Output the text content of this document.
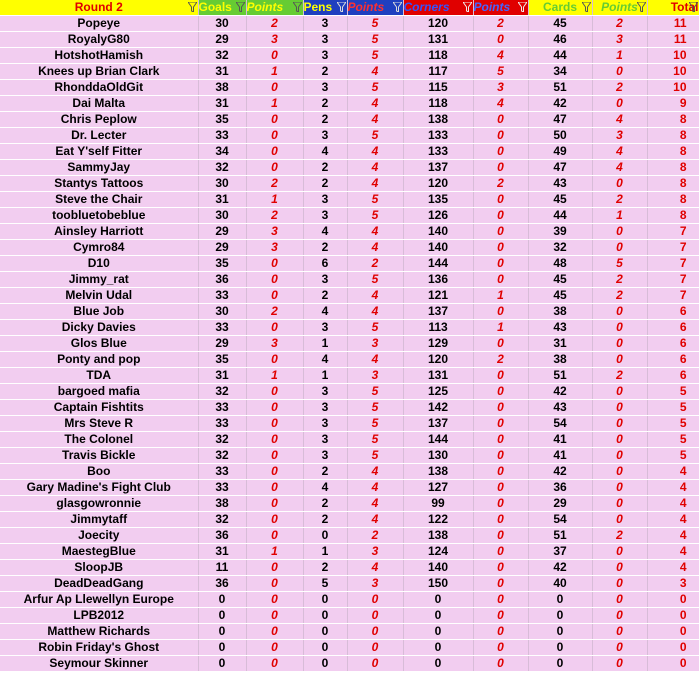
Round 2	Goals	Points	Pens	Points	Corners	Points	Cards	Points	Total

Popeye	30	2	3	5	120	2	45	2	11
RoyalyG80	29	3	3	5	131	0	46	3	11
HotshotHamish	32	0	3	5	118	4	44	1	10
Knees up Brian Clark	31	1	2	4	117	5	34	0	10
RhonddaOldGit	38	0	3	5	115	3	51	2	10
Dai Malta	31	1	2	4	118	4	42	0	9
Chris Peplow	35	0	2	4	138	0	47	4	8
Dr. Lecter	33	0	3	5	133	0	50	3	8
Eat Y'self Fitter	34	0	4	4	133	0	49	4	8
SammyJay	32	0	2	4	137	0	47	4	8
Stantys Tattoos	30	2	2	4	120	2	43	0	8
Steve the Chair	31	1	3	5	135	0	45	2	8
toobluetobeblue	30	2	3	5	126	0	44	1	8
Ainsley Harriott	29	3	4	4	140	0	39	0	7
Cymro84	29	3	2	4	140	0	32	0	7
D10	35	0	6	2	144	0	48	5	7
Jimmy_rat	36	0	3	5	136	0	45	2	7
Melvin Udal	33	0	2	4	121	1	45	2	7
Blue Job	30	2	4	4	137	0	38	0	6
Dicky Davies	33	0	3	5	113	1	43	0	6
Glos Blue	29	3	1	3	129	0	31	0	6
Ponty and pop	35	0	4	4	120	2	38	0	6
TDA	31	1	1	3	131	0	51	2	6
bargoed mafia	32	0	3	5	125	0	42	0	5
Captain Fishtits	33	0	3	5	142	0	43	0	5
Mrs Steve R	33	0	3	5	137	0	54	0	5
The Colonel	32	0	3	5	144	0	41	0	5
Travis Bickle	32	0	3	5	130	0	41	0	5
Boo	33	0	2	4	138	0	42	0	4
Gary Madine's Fight Club	33	0	4	4	127	0	36	0	4
glasgowronnie	38	0	2	4	99	0	29	0	4
Jimmytaff	32	0	2	4	122	0	54	0	4
Joecity	36	0	0	2	138	0	51	2	4
MaestegBlue	31	1	1	3	124	0	37	0	4
SloopJB	11	0	2	4	140	0	42	0	4
DeadDeadGang	36	0	5	3	150	0	40	0	3
Arfur Ap Llewellyn Europe	0	0	0	0	0	0	0	0	0
LPB2012	0	0	0	0	0	0	0	0	0
Matthew Richards	0	0	0	0	0	0	0	0	0
Robin Friday's Ghost	0	0	0	0	0	0	0	0	0
Seymour Skinner	0	0	0	0	0	0	0	0	0
